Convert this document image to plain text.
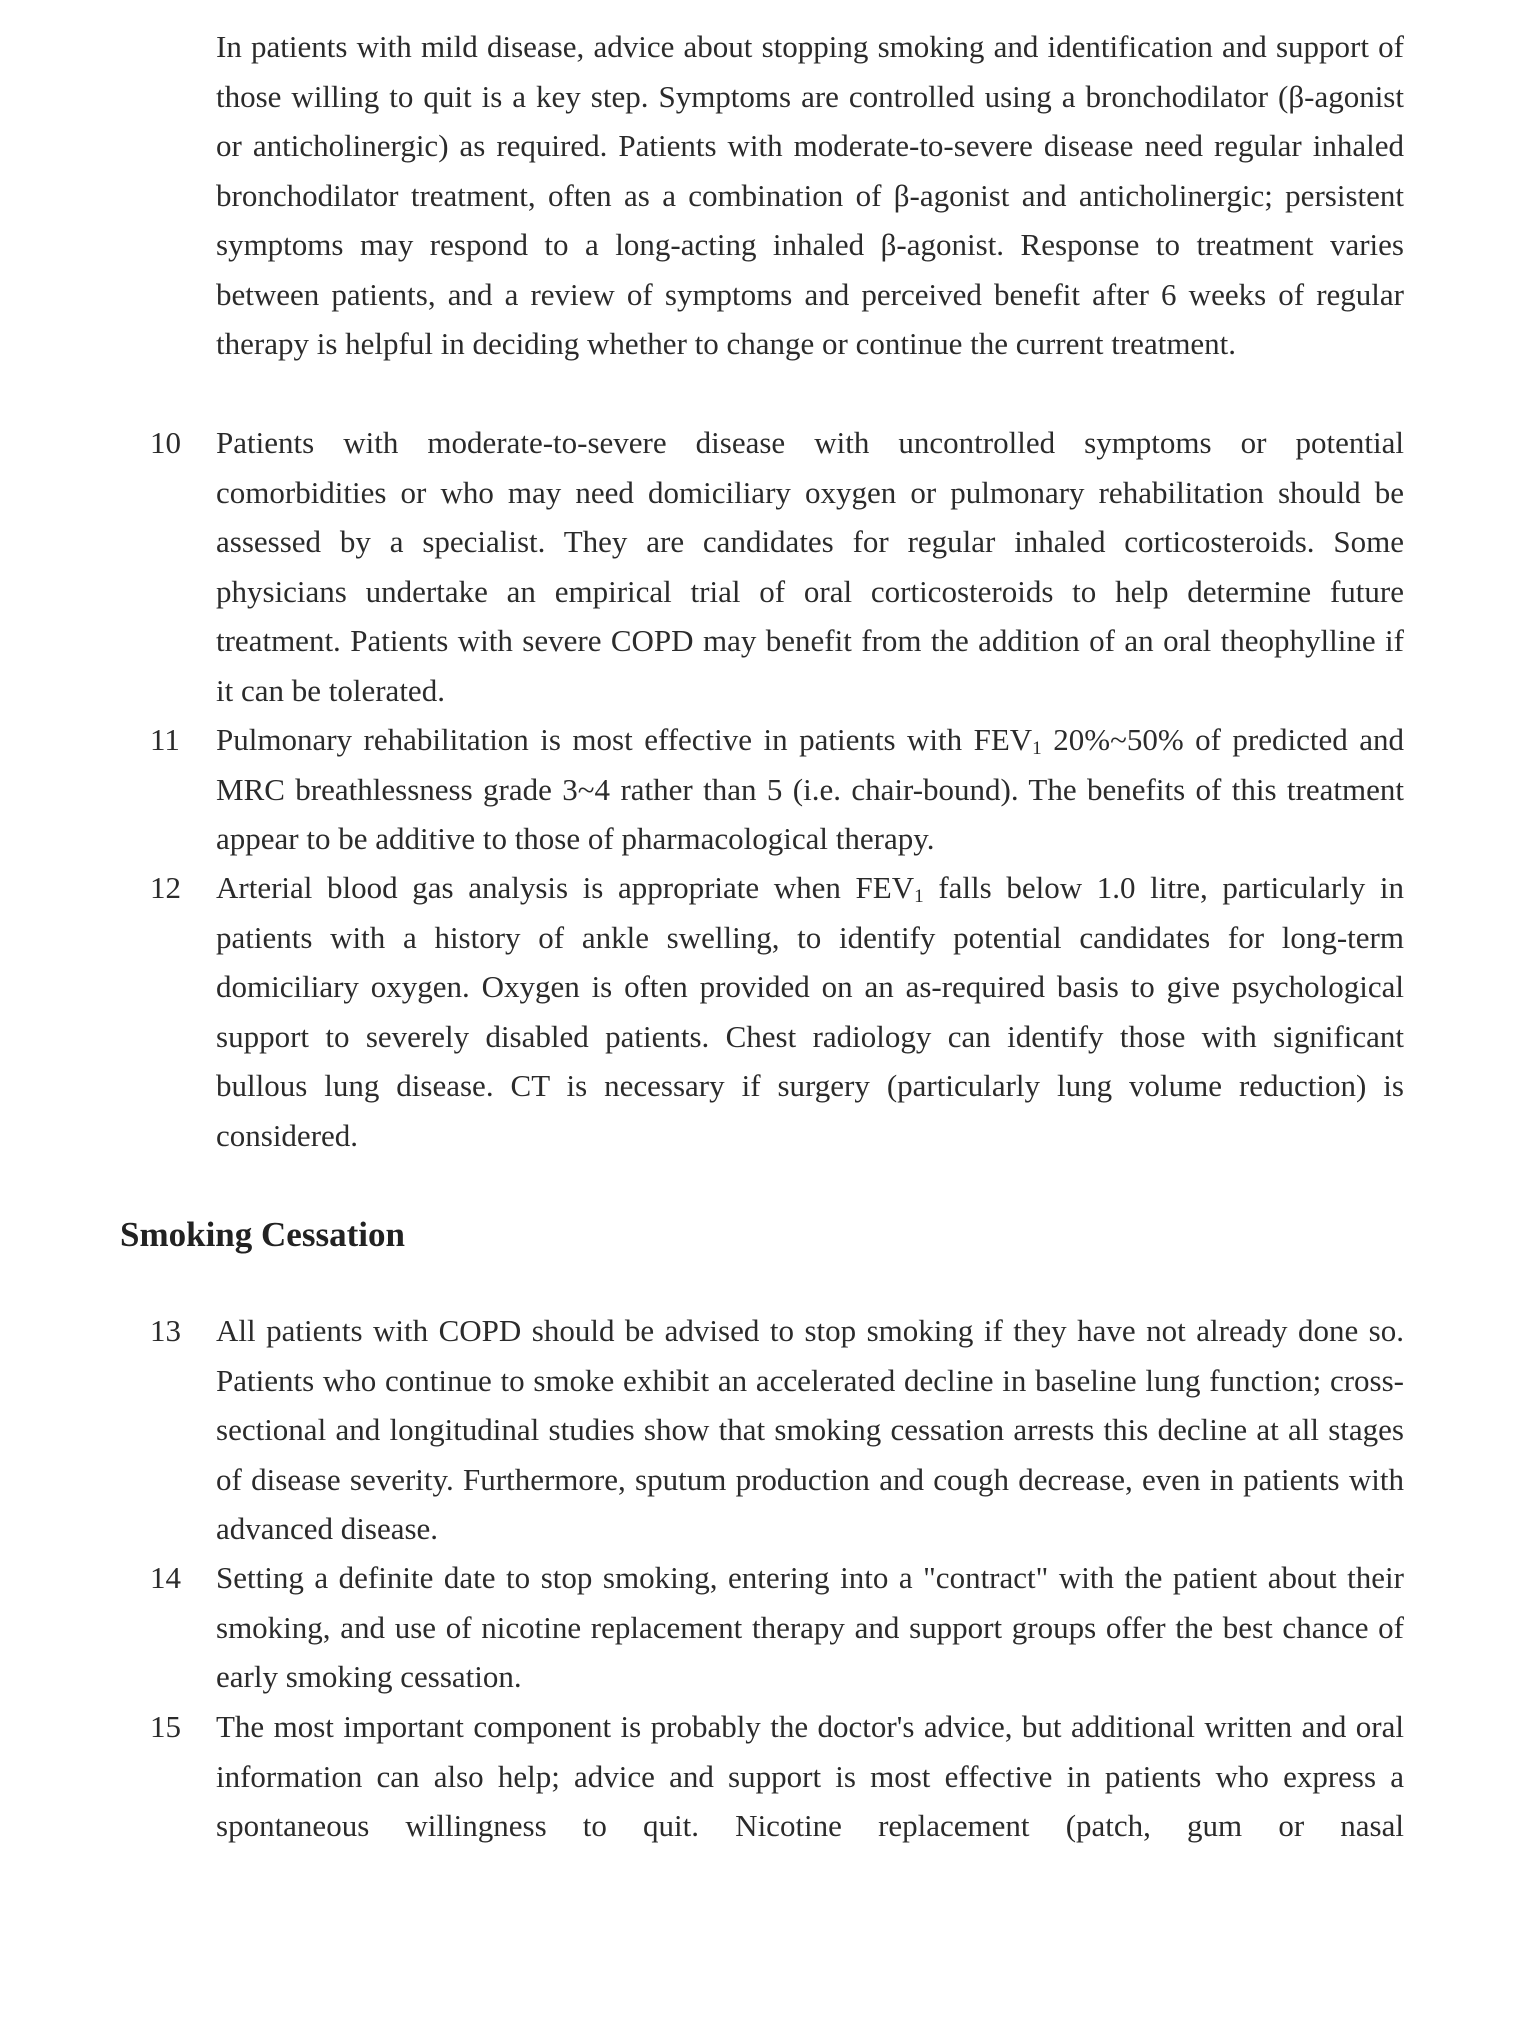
In patients with mild disease, advice about stopping smoking and identification and support of those willing to quit is a key step. Symptoms are controlled using a bronchodilator (β-agonist or anticholinergic) as required. Patients with moderate-to-severe disease need regular inhaled bronchodilator treatment, often as a combination of β-agonist and anticholinergic; persistent symptoms may respond to a long-acting inhaled β-agonist. Response to treatment varies between patients, and a review of symptoms and perceived benefit after 6 weeks of regular therapy is helpful in deciding whether to change or continue the current treatment.

10 Patients with moderate-to-severe disease with uncontrolled symptoms or potential comorbidities or who may need domiciliary oxygen or pulmonary rehabilitation should be assessed by a specialist. They are candidates for regular inhaled corticosteroids. Some physicians undertake an empirical trial of oral corticosteroids to help determine future treatment. Patients with severe COPD may benefit from the addition of an oral theophylline if it can be tolerated.

11 Pulmonary rehabilitation is most effective in patients with $FEV_1$ 20%~50% of predicted and MRC breathlessness grade 3~4 rather than 5 (i.e. chair-bound). The benefits of this treatment appear to be additive to those of pharmacological therapy.

12 Arterial blood gas analysis is appropriate when $FEV_1$ falls below 1.0 litre, particularly in patients with a history of ankle swelling, to identify potential candidates for long-term domiciliary oxygen. Oxygen is often provided on an as-required basis to give psychological support to severely disabled patients. Chest radiology can identify those with significant bullous lung disease. CT is necessary if surgery (particularly lung volume reduction) is considered.

Smoking Cessation

13 All patients with COPD should be advised to stop smoking if they have not already done so. Patients who continue to smoke exhibit an accelerated decline in baseline lung function; cross-sectional and longitudinal studies show that smoking cessation arrests this decline at all stages of disease severity. Furthermore, sputum production and cough decrease, even in patients with advanced disease.

14 Setting a definite date to stop smoking, entering into a "contract" with the patient about their smoking, and use of nicotine replacement therapy and support groups offer the best chance of early smoking cessation.

15 The most important component is probably the doctor's advice, but additional written and oral information can also help; advice and support is most effective in patients who express a spontaneous willingness to quit. Nicotine replacement (patch, gum or nasal
